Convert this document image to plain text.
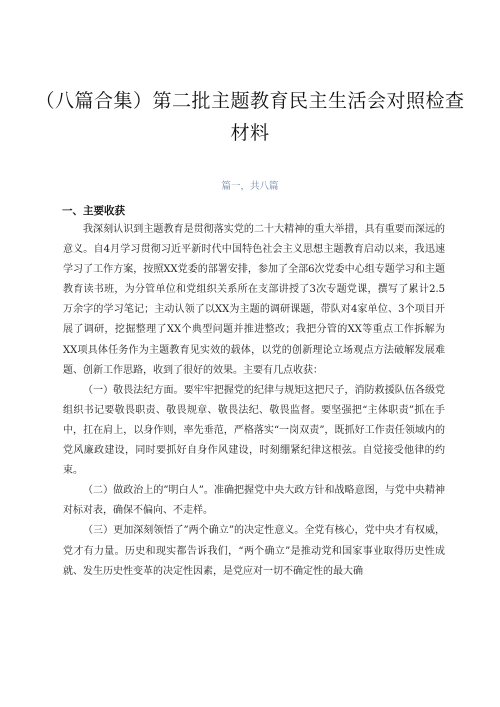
（八篇合集）第二批主题教育民主生活会对照检查
材料
篇一，共八篇
一、主要收获

我深刻认识到主题教育是贯彻落实党的二十大精神的重大举措，具有重要而深远的意义。自4月学习贯彻习近平新时代中国特色社会主义思想主题教育启动以来，我迅速学习了工作方案，按照XX党委的部署安排，参加了全部6次党委中心组专题学习和主题教育读书班，为分管单位和党组织关系所在支部讲授了3次专题党课，撰写了累计2.5万余字的学习笔记；主动认领了以XX为主题的调研课题，带队对4家单位、3个项目开展了调研，挖掘整理了XX个典型问题并推进整改；我把分管的XX等重点工作拆解为XX项具体任务作为主题教育见实效的载体，以党的创新理论立场观点方法破解发展难题、创新工作思路，收到了很好的效果。主要有几点收获：

（一）敬畏法纪方面。要牢牢把握党的纪律与规矩这把尺子，消防救援队伍各级党组织书记要敬畏职责、敬畏规章、敬畏法纪、敬畏监督。要坚强把“主体职责”抓在手中，扛在肩上，以身作则，率先垂范，严格落实“一岗双责”，既抓好工作责任领域内的党风廉政建设，同时要抓好自身作风建设，时刻绷紧纪律这根弦。自觉接受他律的约束。

（二）做政治上的”明白人”。准确把握党中央大政方针和战略意图，与党中央精神对标对表，确保不偏向、不走样。

（三）更加深刻领悟了”两个确立”的决定性意义。全党有核心，党中央才有权威，党才有力量。历史和现实都告诉我们，“两个确立”是推动党和国家事业取得历史性成就、发生历史性变革的决定性因素，是党应对一切不确定性的最大确
